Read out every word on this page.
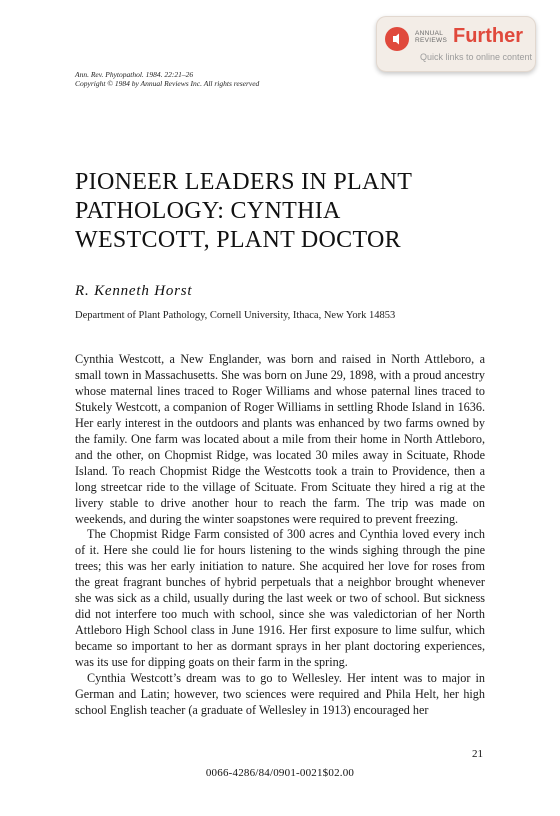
ANNUAL
REVIEWS Further
Quick links to online content
Ann. Rev. Phytopathol. 1984. 22:21–26
Copyright © 1984 by Annual Reviews Inc. All rights reserved
PIONEER LEADERS IN PLANT
PATHOLOGY: CYNTHIA
WESTCOTT, PLANT DOCTOR
R. Kenneth Horst
Department of Plant Pathology, Cornell University, Ithaca, New York 14853

Cynthia Westcott, a New Englander, was born and raised in North Attleboro, a small town in Massachusetts. She was born on June 29, 1898, with a proud ancestry whose maternal lines traced to Roger Williams and whose paternal lines traced to Stukely Westcott, a companion of Roger Williams in settling Rhode Island in 1636. Her early interest in the outdoors and plants was enhanced by two farms owned by the family. One farm was located about a mile from their home in North Attleboro, and the other, on Chopmist Ridge, was located 30 miles away in Scituate, Rhode Island. To reach Chopmist Ridge the Westcotts took a train to Providence, then a long streetcar ride to the village of Scituate. From Scituate they hired a rig at the livery stable to drive another hour to reach the farm. The trip was made on weekends, and during the winter soapstones were required to prevent freezing.

The Chopmist Ridge Farm consisted of 300 acres and Cynthia loved every inch of it. Here she could lie for hours listening to the winds sighing through the pine trees; this was her early initiation to nature. She acquired her love for roses from the great fragrant bunches of hybrid perpetuals that a neighbor brought whenever she was sick as a child, usually during the last week or two of school. But sickness did not interfere too much with school, since she was valedictorian of her North Attleboro High School class in June 1916. Her first exposure to lime sulfur, which became so important to her as dormant sprays in her plant doctoring experiences, was its use for dipping goats on their farm in the spring.

Cynthia Westcott’s dream was to go to Wellesley. Her intent was to major in German and Latin; however, two sciences were required and Phila Helt, her high school English teacher (a graduate of Wellesley in 1913) encouraged her

21
0066-4286/84/0901-0021$02.00
